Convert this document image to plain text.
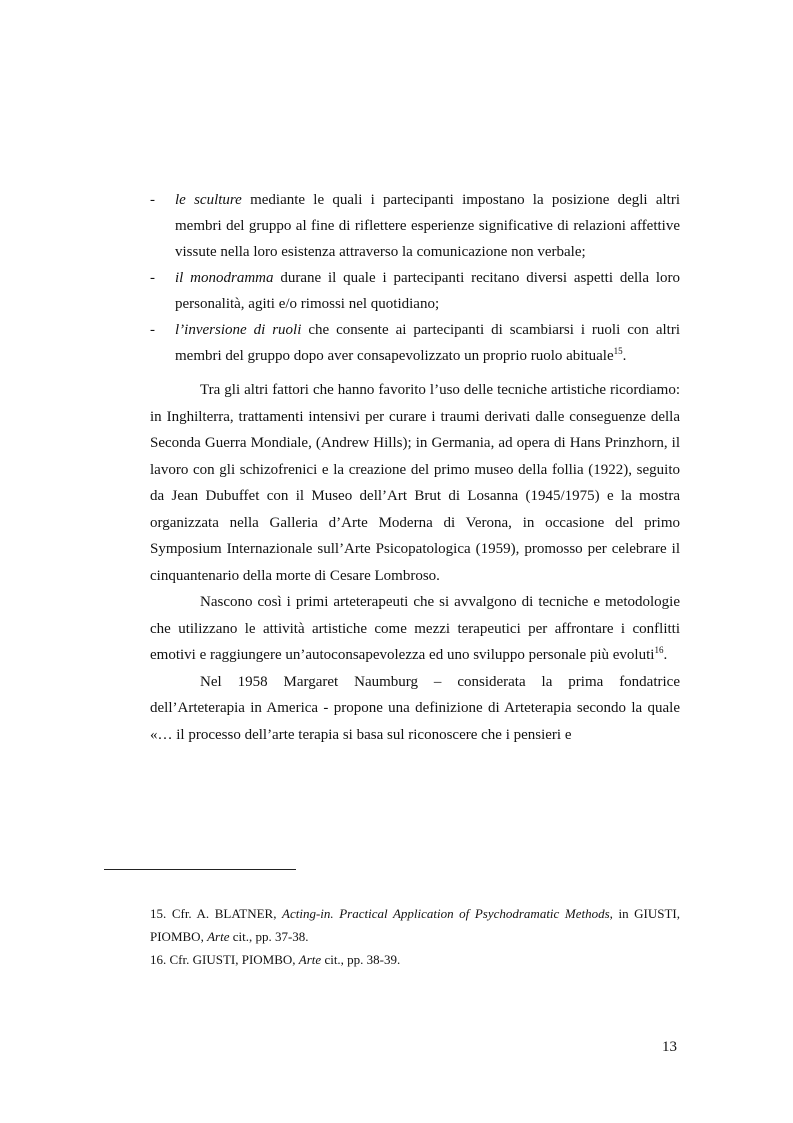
- le sculture mediante le quali i partecipanti impostano la posizione degli altri membri del gruppo al fine di riflettere esperienze significative di relazioni affettive vissute nella loro esistenza attraverso la comunicazione non verbale;
- il monodramma durane il quale i partecipanti recitano diversi aspetti della loro personalità, agiti e/o rimossi nel quotidiano;
- l’inversione di ruoli che consente ai partecipanti di scambiarsi i ruoli con altri membri del gruppo dopo aver consapevolizzato un proprio ruolo abituale$^{15}$.

Tra gli altri fattori che hanno favorito l’uso delle tecniche artistiche ricordiamo: in Inghilterra, trattamenti intensivi per curare i traumi derivati dalle conseguenze della Seconda Guerra Mondiale, (Andrew Hills); in Germania, ad opera di Hans Prinzhorn, il lavoro con gli schizofrenici e la creazione del primo museo della follia (1922), seguito da Jean Dubuffet con il Museo dell’Art Brut di Losanna (1945/1975) e la mostra organizzata nella Galleria d’Arte Moderna di Verona, in occasione del primo Symposium Internazionale sull’Arte Psicopatologica (1959), promosso per celebrare il cinquantenario della morte di Cesare Lombroso.

Nascono così i primi arteterapeuti che si avvalgono di tecniche e metodologie che utilizzano le attività artistiche come mezzi terapeutici per affrontare i conflitti emotivi e raggiungere un’autoconsapevolezza ed uno sviluppo personale più evoluti$^{16}$.

Nel 1958 Margaret Naumburg – considerata la prima fondatrice dell’Arteterapia in America - propone una definizione di Arteterapia secondo la quale «… il processo dell’arte terapia si basa sul riconoscere che i pensieri e

15. Cfr. A. BLATNER, Acting-in. Practical Application of Psychodramatic Methods, in GIUSTI, PIOMBO, Arte cit., pp. 37-38.

16. Cfr. GIUSTI, PIOMBO, Arte cit., pp. 38-39.

13
